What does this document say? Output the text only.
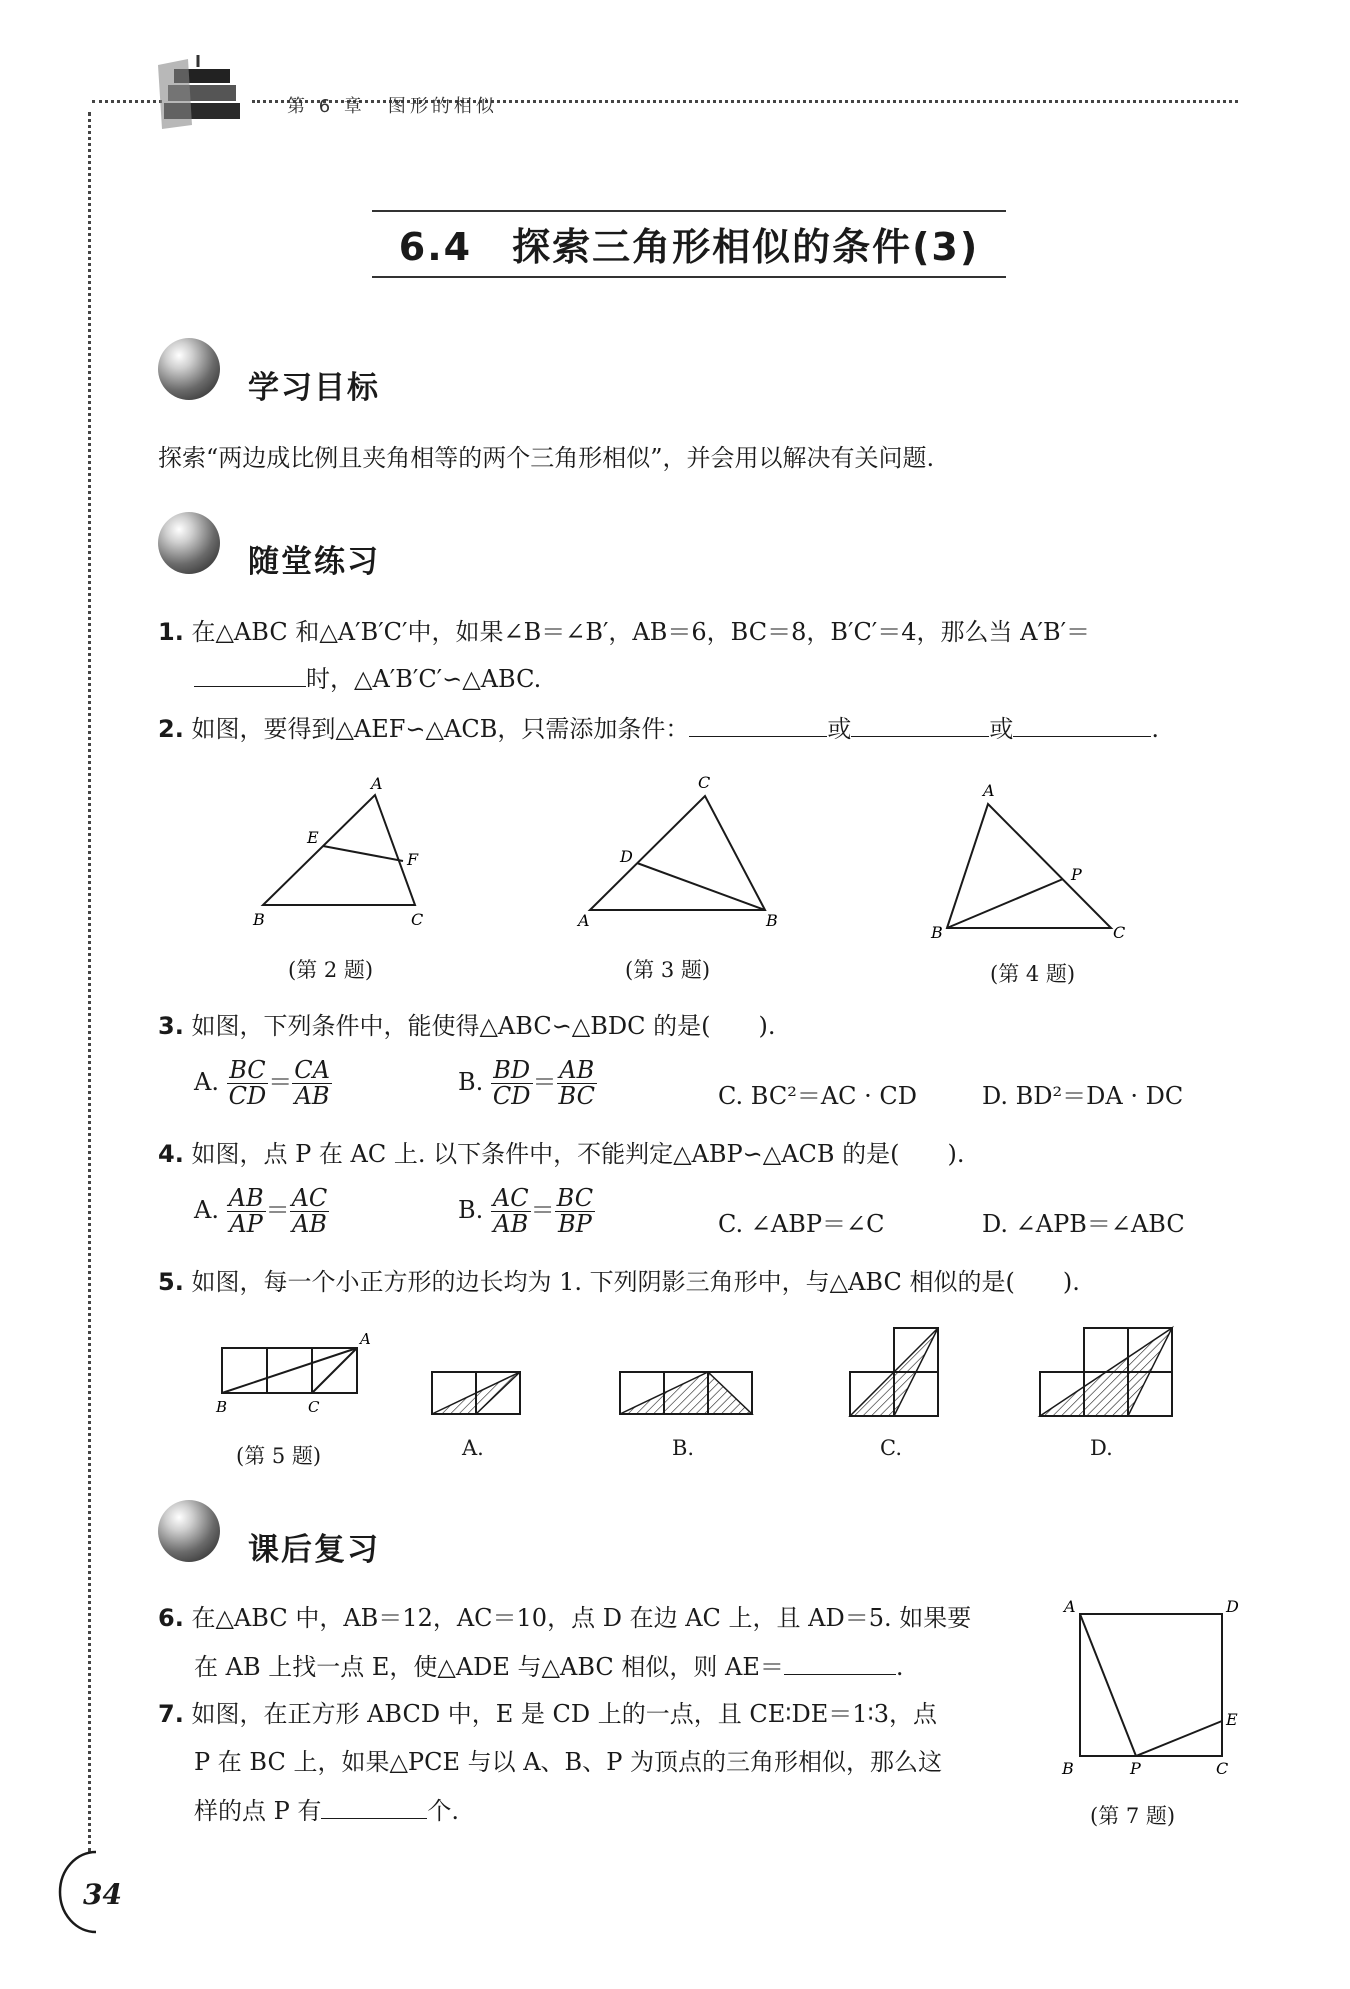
第 6 章　图形的相似
6.4　探索三角形相似的条件(3)
学习目标
探索“两边成比例且夹角相等的两个三角形相似”，并会用以解决有关问题.
随堂练习
1. 在△ABC 和△A′B′C′中，如果∠B＝∠B′，AB＝6，BC＝8，B′C′＝4，那么当 A′B′＝
时，△A′B′C′∽△ABC.
2. 如图，要得到△AEF∽△ACB，只需添加条件：	或	或	.
A
E
F
B	C
(第 2 题)
C
D
A	B
(第 3 题)
A
P
B	C
(第 4 题)
3. 如图，下列条件中，能使得△ABC∽△BDC 的是(　　).
A. $\frac{BC}{CD} = \frac{CA}{AB}$	B. $\frac{BD}{CD} = \frac{AB}{BC}$	C. BC²＝AC · CD	D. BD²＝DA · DC
4. 如图，点 P 在 AC 上. 以下条件中，不能判定△ABP∽△ACB 的是(　　).
A. $\frac{AB}{AP} = \frac{AC}{AB}$	B. $\frac{AC}{AB} = \frac{BC}{BP}$	C. ∠ABP＝∠C	D. ∠APB＝∠ABC
5. 如图，每一个小正方形的边长均为 1. 下列阴影三角形中，与△ABC 相似的是(　　).
A
B	C
(第 5 题)	A.	B.	C.	D.
课后复习
6. 在△ABC 中，AB＝12，AC＝10，点 D 在边 AC 上，且 AD＝5. 如果要
在 AB 上找一点 E，使△ADE 与△ABC 相似，则 AE＝	.
7. 如图，在正方形 ABCD 中，E 是 CD 上的一点，且 CE∶DE＝1∶3，点
P 在 BC 上，如果△PCE 与以 A、B、P 为顶点的三角形相似，那么这
样的点 P 有	个.
A	D
E
B	P	C
(第 7 题)
34
